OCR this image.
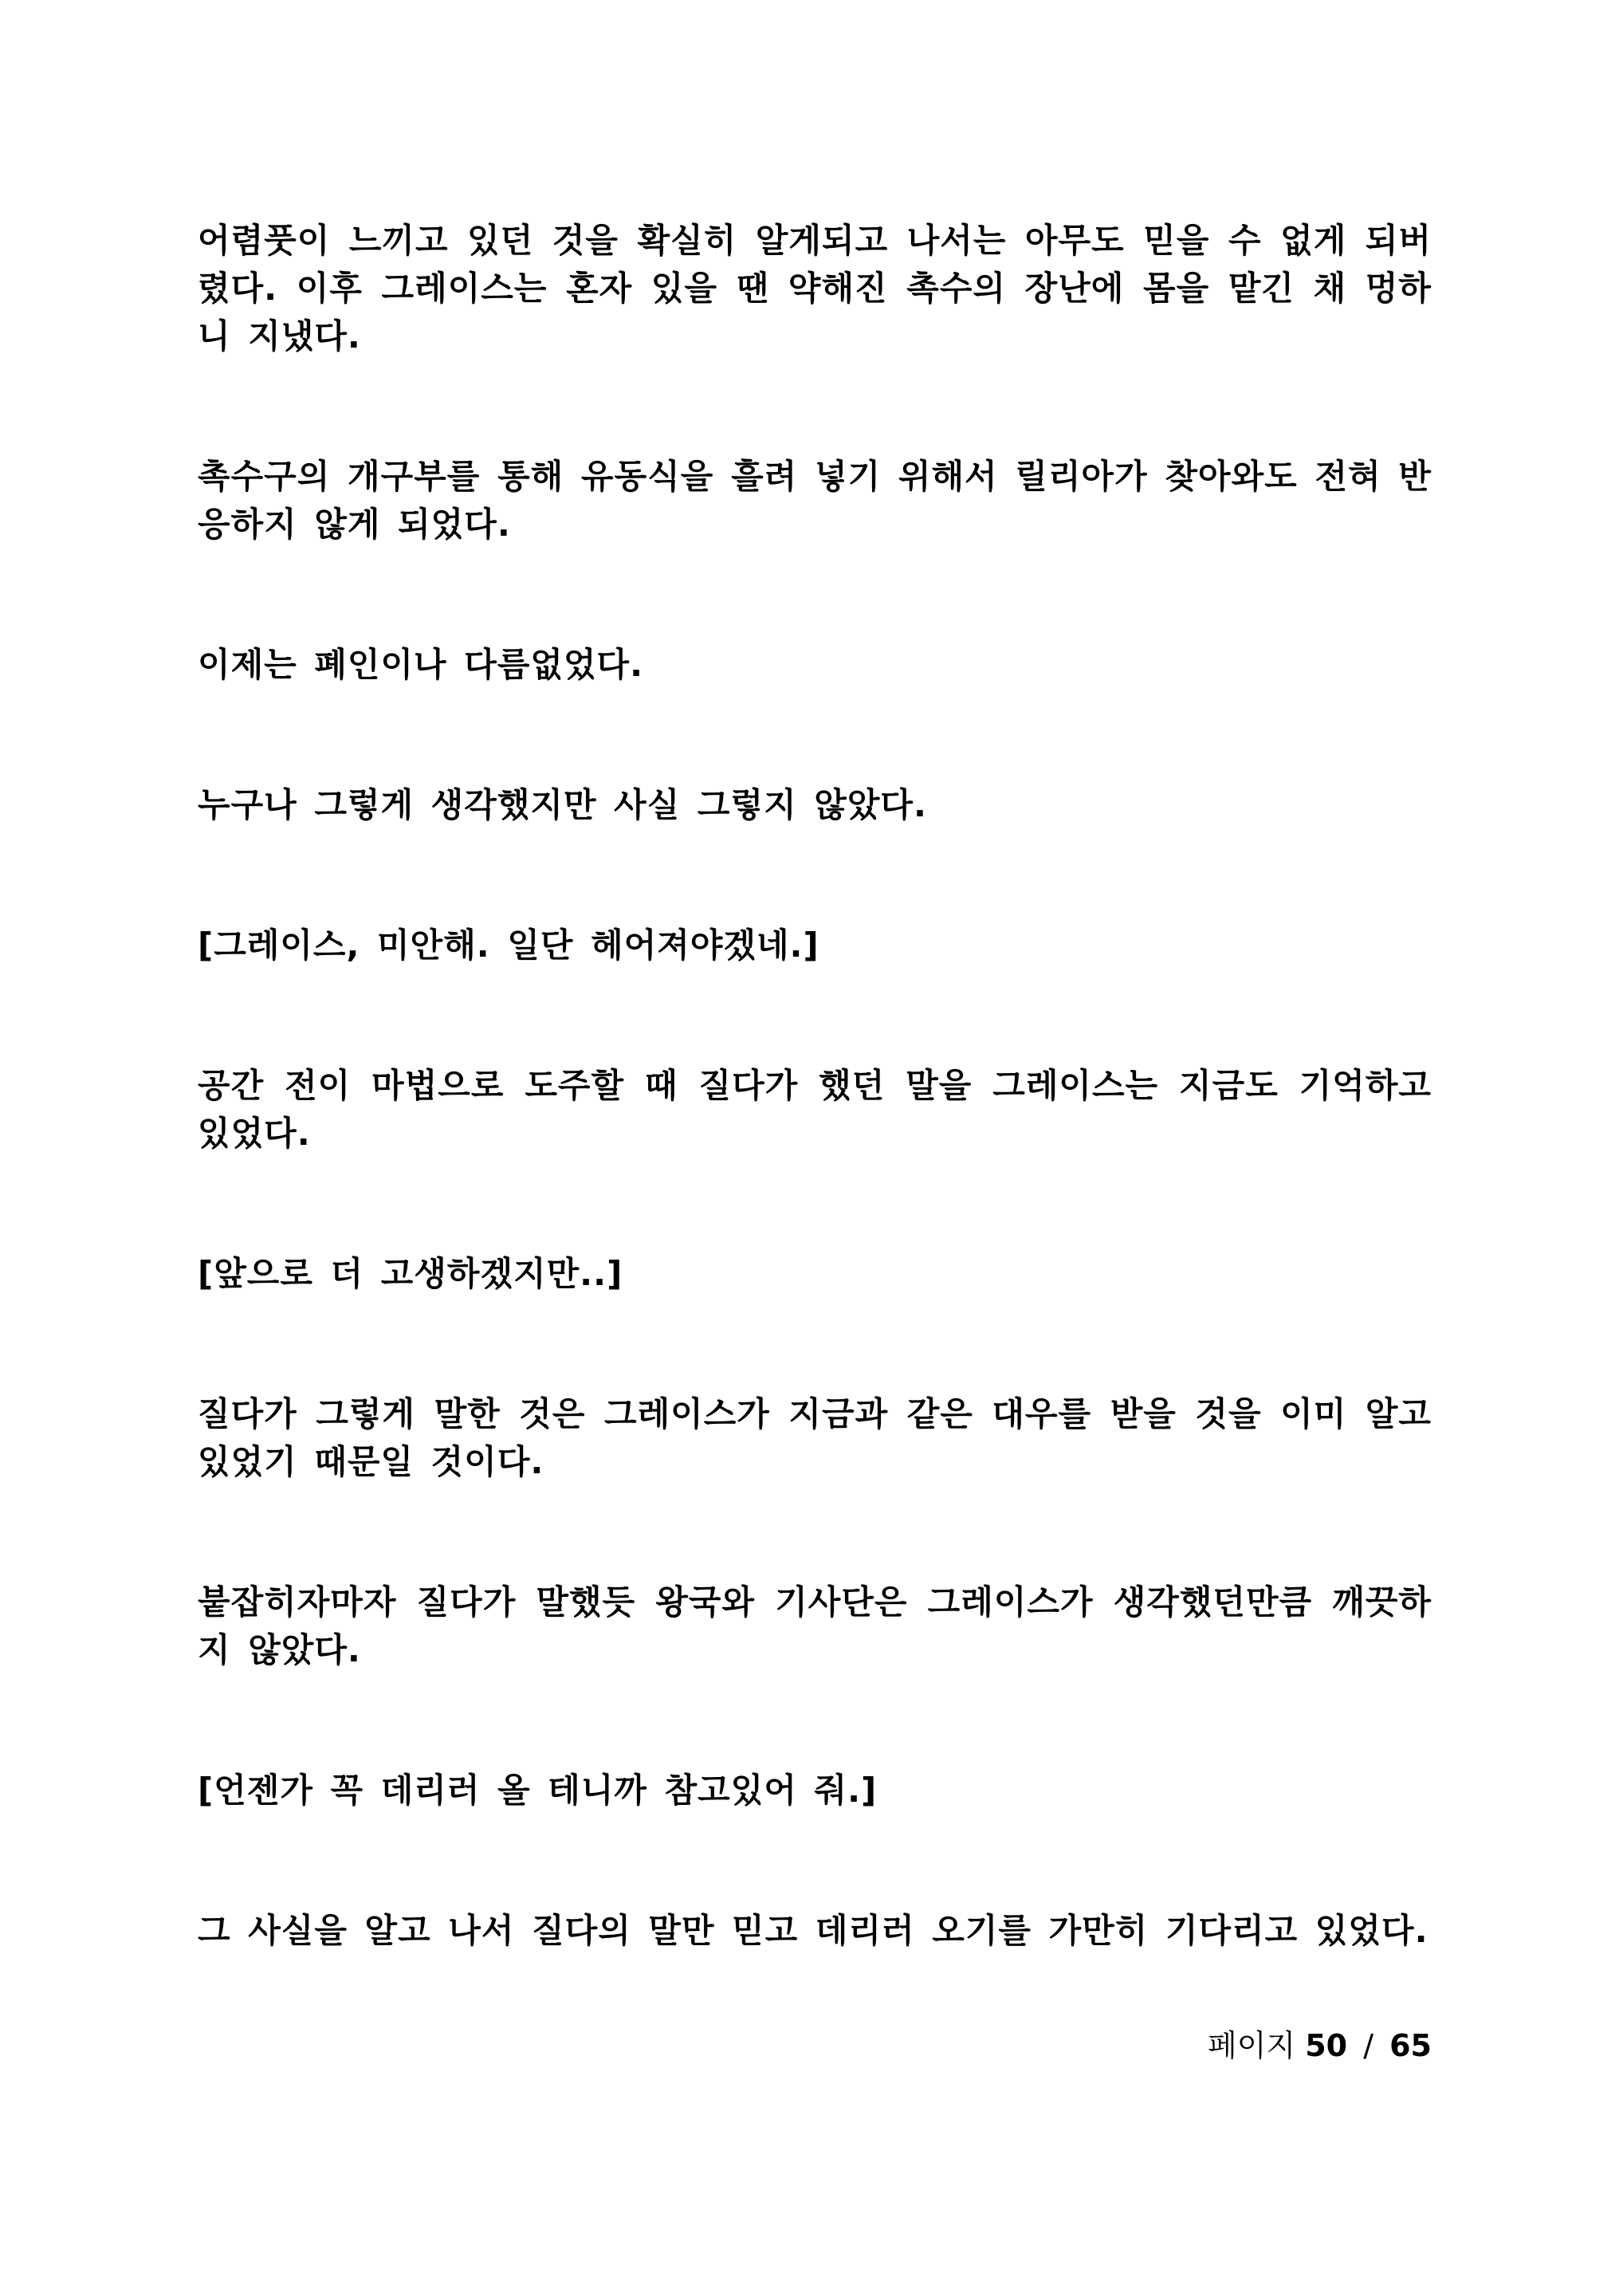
어렴풋이 느끼고 있던 것을 확실히 알게되고 나서는 아무도 믿을 수 없게 되버렸다. 이후 그레이스는 혼자 있을 땐 약해진 촉수의 장난에 몸을 맡긴 채 멍하니 지냈다.

촉수구의 개구부를 통해 유동식을 흘려 넣기 위해서 릴리아가 찾아와도 전혀 반응하지 않게 되었다.

이제는 폐인이나 다름없었다.

누구나 그렇게 생각했지만 사실 그렇지 않았다.

[그레이스, 미안해. 일단 헤어져야겠네.]

공간 전이 마법으로 도주할 때 질다가 했던 말을 그레이스는 지금도 기억하고 있었다.

[앞으로 더 고생하겠지만..]

질다가 그렇게 말한 것은 그레이스가 지금과 같은 대우를 받을 것을 이미 알고 있었기 때문일 것이다.

붙잡히자마자 질다가 말했듯 왕국와 기사단은 그레이스가 생각했던만큼 깨끗하지 않았다.

[언젠가 꼭 데리러 올 테니까 참고있어 줘.]

그 사실을 알고 나서 질다의 말만 믿고 데리러 오기를 가만히 기다리고 있었다.

페이지 50 / 65
